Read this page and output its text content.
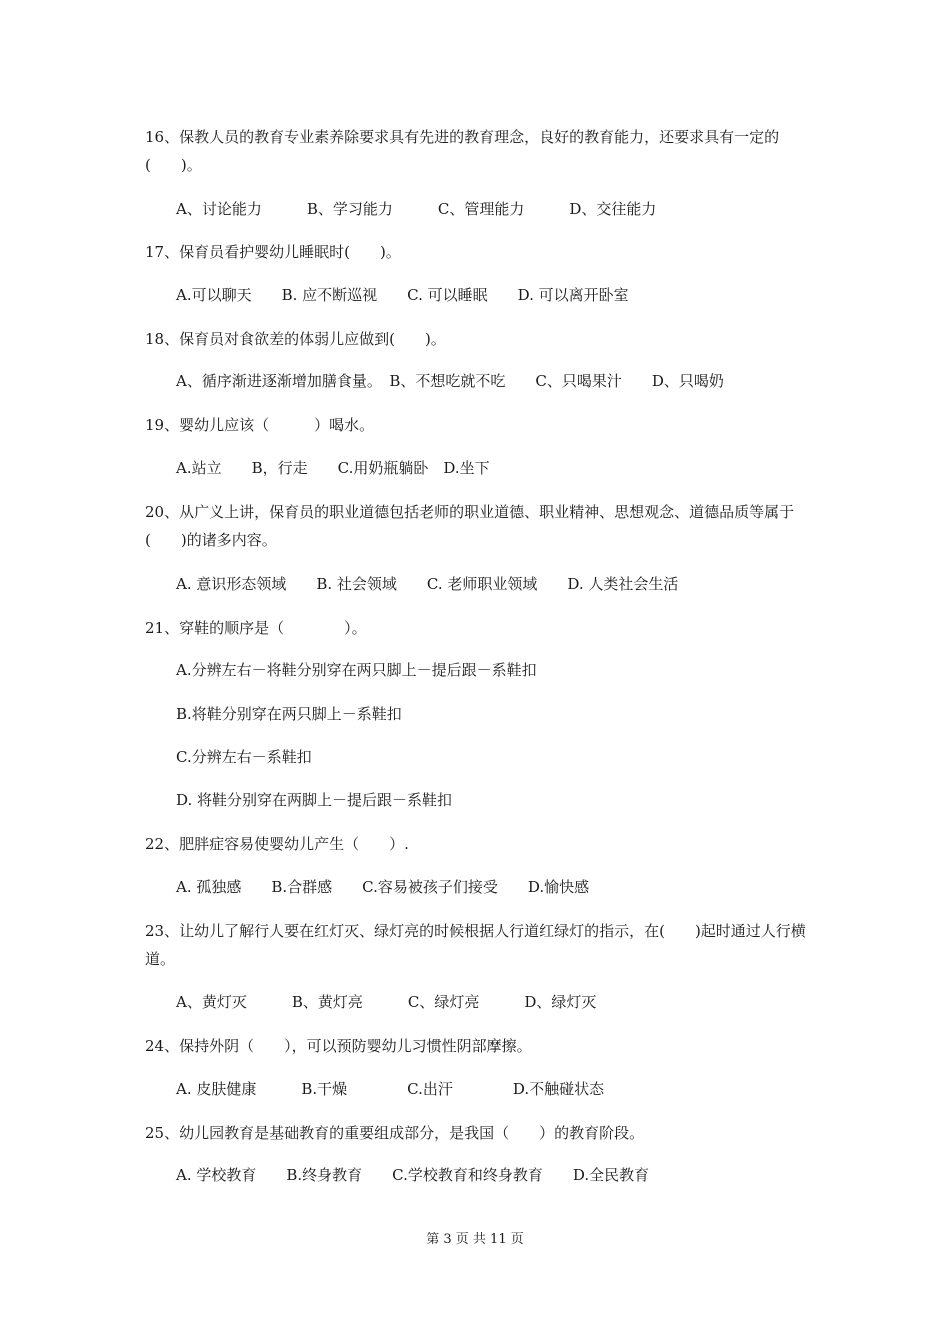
16、保教人员的教育专业素养除要求具有先进的教育理念，良好的教育能力，还要求具有一定的(　　)。
A、讨论能力　　　B、学习能力　　　C、管理能力　　　D、交往能力
17、保育员看护婴幼儿睡眠时(　　)。
A.可以聊天　　B. 应不断巡视　　C. 可以睡眠　　D. 可以离开卧室
18、保育员对食欲差的体弱儿应做到(　　)。
A、循序渐进逐渐增加膳食量。　B、不想吃就不吃　　C、只喝果汁　　D、只喝奶
19、婴幼儿应该（　　　）喝水。
A.站立　　B，行走　　C.用奶瓶躺卧　D.坐下
20、从广义上讲，保育员的职业道德包括老师的职业道德、职业精神、思想观念、道德品质等属于(　　)的诸多内容。
A. 意识形态领域　　B. 社会领域　　C. 老师职业领域　　D. 人类社会生活
21、穿鞋的顺序是（　　　　）。
A.分辨左右－将鞋分别穿在两只脚上－提后跟－系鞋扣
B.将鞋分别穿在两只脚上－系鞋扣
C.分辨左右－系鞋扣
D. 将鞋分别穿在两脚上－提后跟－系鞋扣
22、肥胖症容易使婴幼儿产生（　　）.
A. 孤独感　　B.合群感　　C.容易被孩子们接受　　D.愉快感
23、让幼儿了解行人要在红灯灭、绿灯亮的时候根据人行道红绿灯的指示，在(　　)起时通过人行横道。
A、黄灯灭　　　B、黄灯亮　　　C、绿灯亮　　　D、绿灯灭
24、保持外阴（　　），可以预防婴幼儿习惯性阴部摩擦。
A. 皮肤健康　　　B.干燥　　　　C.出汗　　　　D.不触碰状态
25、幼儿园教育是基础教育的重要组成部分，是我国（　　）的教育阶段。
A. 学校教育　　B.终身教育　　C.学校教育和终身教育　　D.全民教育
第 3 页 共 11 页
